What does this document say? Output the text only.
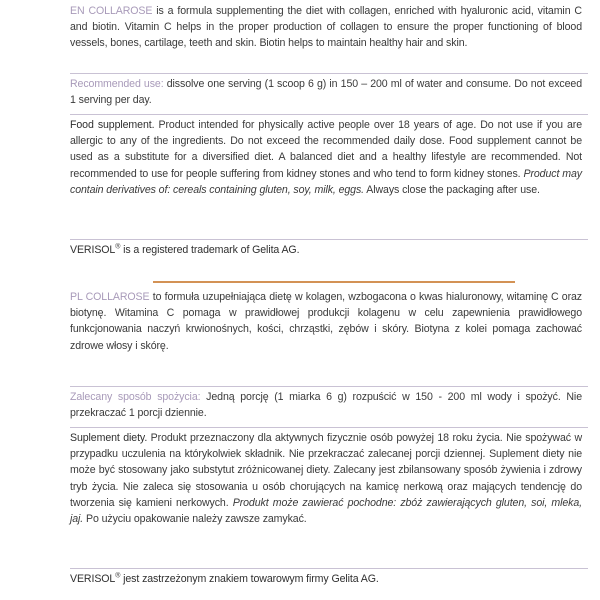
EN COLLAROSE is a formula supplementing the diet with collagen, enriched with hyaluronic acid, vitamin C and biotin. Vitamin C helps in the proper production of collagen to ensure the proper functioning of blood vessels, bones, cartilage, teeth and skin. Biotin helps to maintain healthy hair and skin.

Recommended use: dissolve one serving (1 scoop 6 g) in 150 – 200 ml of water and consume. Do not exceed 1 serving per day.

Food supplement. Product intended for physically active people over 18 years of age. Do not use if you are allergic to any of the ingredients. Do not exceed the recommended daily dose. Food supplement cannot be used as a substitute for a diversified diet. A balanced diet and a healthy lifestyle are recommended. Not recommended to use for people suffering from kidney stones and who tend to form kidney stones. Product may contain derivatives of: cereals containing gluten, soy, milk, eggs. Always close the packaging after use.

VERISOL® is a registered trademark of Gelita AG.

PL COLLAROSE to formuła uzupełniająca dietę w kolagen, wzbogacona o kwas hialuronowy, witaminę C oraz biotynę. Witamina C pomaga w prawidłowej produkcji kolagenu w celu zapewnienia prawidłowego funkcjonowania naczyń krwionośnych, kości, chrząstki, zębów i skóry. Biotyna z kolei pomaga zachować zdrowe włosy i skórę.

Zalecany sposób spożycia: Jedną porcję (1 miarka 6 g) rozpuścić w 150 - 200 ml wody i spożyć. Nie przekraczać 1 porcji dziennie.

Suplement diety. Produkt przeznaczony dla aktywnych fizycznie osób powyżej 18 roku życia. Nie spożywać w przypadku uczulenia na którykolwiek składnik. Nie przekraczać zalecanej porcji dziennej. Suplement diety nie może być stosowany jako substytut zróżnicowanej diety. Zalecany jest zbilansowany sposób żywienia i zdrowy tryb życia. Nie zaleca się stosowania u osób chorujących na kamicę nerkową oraz mających tendencję do tworzenia się kamieni nerkowych. Produkt może zawierać pochodne: zbóż zawierających gluten, soi, mleka, jaj. Po użyciu opakowanie należy zawsze zamykać.

VERISOL® jest zastrzeżonym znakiem towarowym firmy Gelita AG.
